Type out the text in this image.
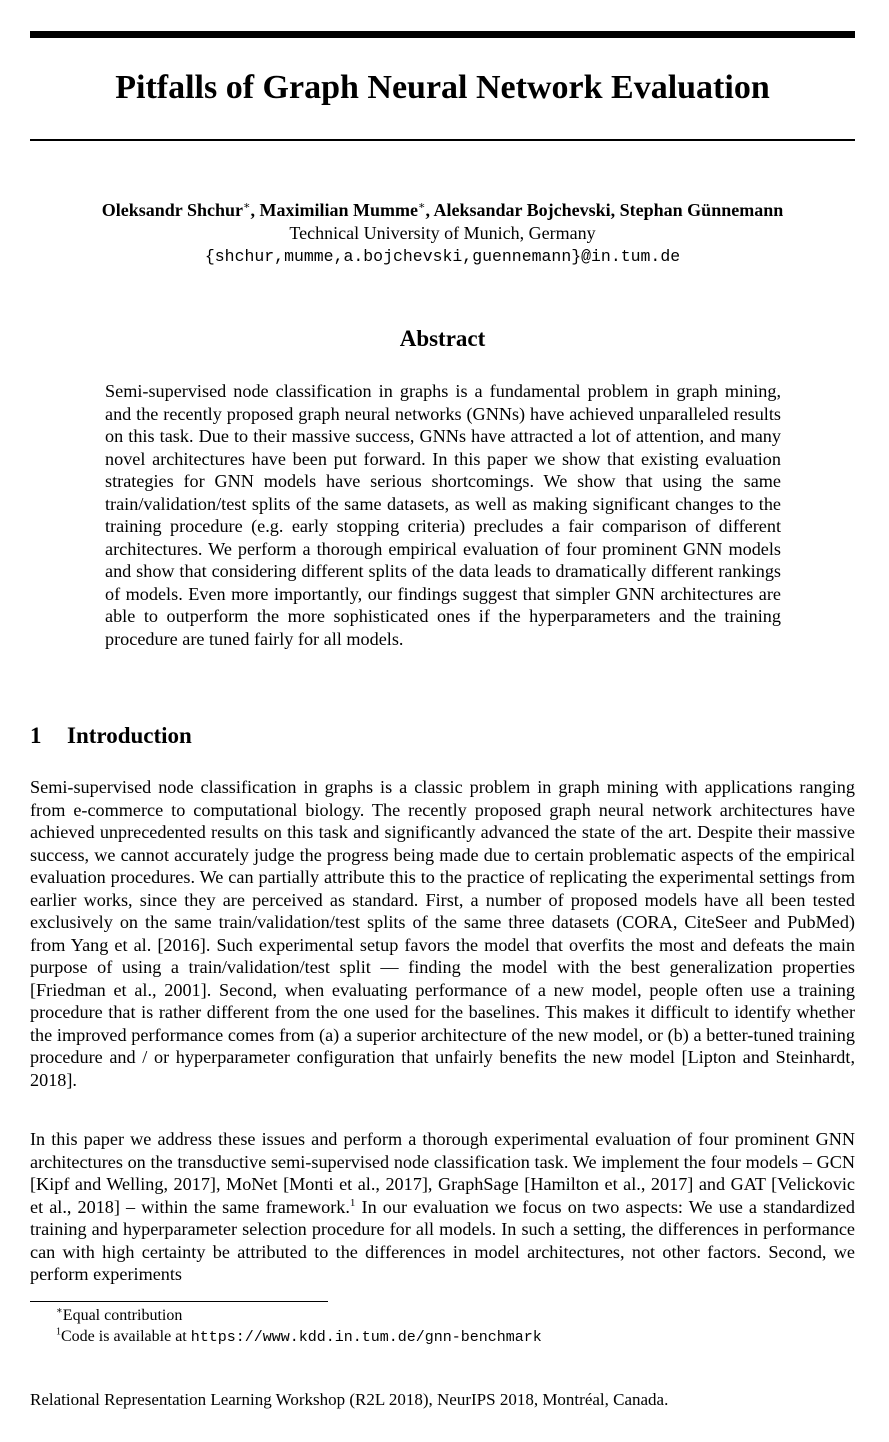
Pitfalls of Graph Neural Network Evaluation
Oleksandr Shchur∗, Maximilian Mumme∗, Aleksandar Bojchevski, Stephan Günnemann
Technical University of Munich, Germany
{shchur,mumme,a.bojchevski,guennemann}@in.tum.de
Abstract

Semi-supervised node classification in graphs is a fundamental problem in graph mining, and the recently proposed graph neural networks (GNNs) have achieved unparalleled results on this task. Due to their massive success, GNNs have attracted a lot of attention, and many novel architectures have been put forward. In this paper we show that existing evaluation strategies for GNN models have serious shortcomings. We show that using the same train/validation/test splits of the same datasets, as well as making significant changes to the training procedure (e.g. early stopping criteria) precludes a fair comparison of different architectures. We perform a thorough empirical evaluation of four prominent GNN models and show that considering different splits of the data leads to dramatically different rankings of models. Even more importantly, our findings suggest that simpler GNN architectures are able to outperform the more sophisticated ones if the hyperparameters and the training procedure are tuned fairly for all models.

1 Introduction

Semi-supervised node classification in graphs is a classic problem in graph mining with applications ranging from e-commerce to computational biology. The recently proposed graph neural network architectures have achieved unprecedented results on this task and significantly advanced the state of the art. Despite their massive success, we cannot accurately judge the progress being made due to certain problematic aspects of the empirical evaluation procedures. We can partially attribute this to the practice of replicating the experimental settings from earlier works, since they are perceived as standard. First, a number of proposed models have all been tested exclusively on the same train/validation/test splits of the same three datasets (CORA, CiteSeer and PubMed) from Yang et al. [2016]. Such experimental setup favors the model that overfits the most and defeats the main purpose of using a train/validation/test split — finding the model with the best generalization properties [Friedman et al., 2001]. Second, when evaluating performance of a new model, people often use a training procedure that is rather different from the one used for the baselines. This makes it difficult to identify whether the improved performance comes from (a) a superior architecture of the new model, or (b) a better-tuned training procedure and / or hyperparameter configuration that unfairly benefits the new model [Lipton and Steinhardt, 2018].

In this paper we address these issues and perform a thorough experimental evaluation of four prominent GNN architectures on the transductive semi-supervised node classification task. We implement the four models – GCN [Kipf and Welling, 2017], MoNet [Monti et al., 2017], GraphSage [Hamilton et al., 2017] and GAT [Velickovic et al., 2018] – within the same framework.$^1$ In our evaluation we focus on two aspects: We use a standardized training and hyperparameter selection procedure for all models. In such a setting, the differences in performance can with high certainty be attributed to the differences in model architectures, not other factors. Second, we perform experiments

∗Equal contribution
$^1$Code is available at https://www.kdd.in.tum.de/gnn-benchmark
Relational Representation Learning Workshop (R2L 2018), NeurIPS 2018, Montréal, Canada.
